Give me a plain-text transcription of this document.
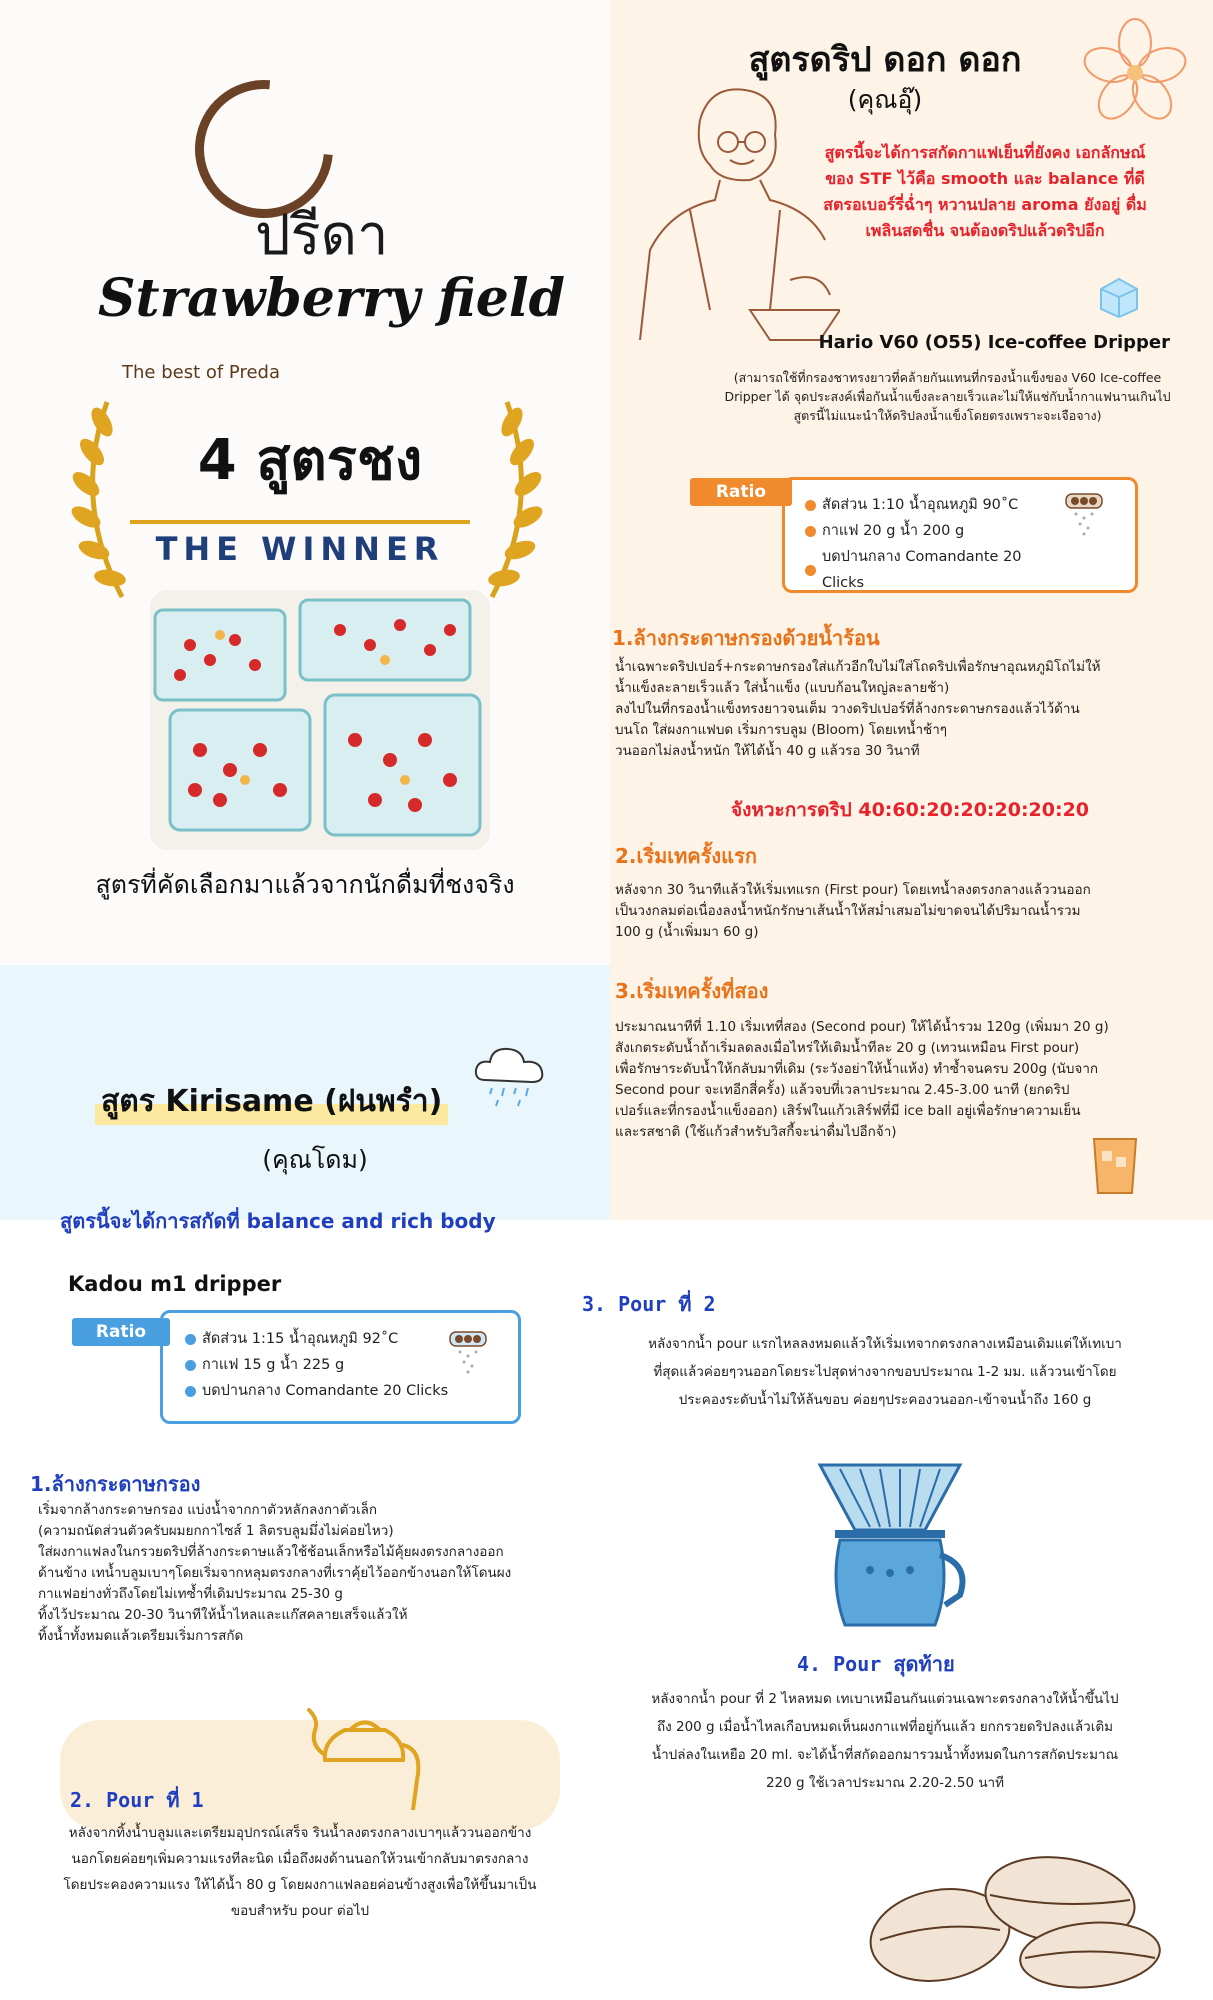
ปรีดา
Strawberry field
The best of Preda
4 สูตรชง
THE WINNER
สูตรที่คัดเลือกมาแล้วจากนักดื่มที่ชงจริง
สูตรดริป ดอก ดอก
(คุณอุ๊)
สูตรนี้จะได้การสกัดกาแฟเย็นที่ยังคง เอกลักษณ์ของ STF ไว้คือ smooth และ balance ที่ดี สตรอเบอร์รี่ฉ่ำๆ หวานปลาย aroma ยังอยู่ ดื่มเพลินสดชื่น จนต้องดริปแล้วดริปอีก
Hario V60 (O55) Ice-coffee Dripper
(สามารถใช้ที่กรองชาทรงยาวที่คล้ายกันแทนที่กรองน้ำแข็งของ V60 Ice-coffee Dripper ได้ จุดประสงค์เพื่อกันน้ำแข็งละลายเร็วและไม่ให้แช่กับน้ำกาแฟนานเกินไป สูตรนี้ไม่แนะนำให้ดริปลงน้ำแข็งโดยตรงเพราะจะเจือจาง)
Ratio
สัดส่วน 1:10 น้ำอุณหภูมิ 90˚C
กาแฟ 20 g น้ำ 200 g
บดปานกลาง Comandante 20 Clicks
1.ล้างกระดาษกรองด้วยน้ำร้อน
น้ำเฉพาะดริปเปอร์+กระดาษกรองใส่แก้วอีกใบไม่ใส่โถดริปเพื่อรักษาอุณหภูมิโถไม่ให้
น้ำแข็งละลายเร็วแล้ว ใส่น้ำแข็ง (แบบก้อนใหญ่ละลายช้า)
ลงไปในที่กรองน้ำแข็งทรงยาวจนเต็ม วางดริปเปอร์ที่ล้างกระดาษกรองแล้วไว้ด้าน
บนโถ ใส่ผงกาแฟบด เริ่มการบลูม (Bloom) โดยเทน้ำช้าๆ
วนออกไม่ลงน้ำหนัก ให้ได้น้ำ 40 g แล้วรอ 30 วินาที
จังหวะการดริป 40:60:20:20:20:20:20
2.เริ่มเทครั้งแรก
หลังจาก 30 วินาทีแล้วให้เริ่มเทแรก (First pour) โดยเทน้ำลงตรงกลางแล้ววนออก
เป็นวงกลมต่อเนื่องลงน้ำหนักรักษาเส้นน้ำให้สม่ำเสมอไม่ขาดจนได้ปริมาณน้ำรวม
100 g (น้ำเพิ่มมา 60 g)
3.เริ่มเทครั้งที่สอง
ประมาณนาทีที่ 1.10 เริ่มเทที่สอง (Second pour) ให้ได้น้ำรวม 120g (เพิ่มมา 20 g)
สังเกตระดับน้ำถ้าเริ่มลดลงเมื่อไหร่ให้เติมน้ำทีละ 20 g (เทวนเหมือน First pour)
เพื่อรักษาระดับน้ำให้กลับมาที่เดิม (ระวังอย่าให้น้ำแห้ง) ทำซ้ำจนครบ 200g (นับจาก
Second pour จะเทอีกสี่ครั้ง) แล้วจบที่เวลาประมาณ 2.45-3.00 นาที (ยกดริป
เปอร์และที่กรองน้ำแข็งออก) เสิร์ฟในแก้วเสิร์ฟที่มี ice ball อยู่เพื่อรักษาความเย็น
และรสชาติ (ใช้แก้วสำหรับวิสกี้จะน่าดื่มไปอีกจ้า)
สูตร Kirisame (ฝนพรำ)
(คุณโดม)
สูตรนี้จะได้การสกัดที่ balance and rich body
Kadou m1 dripper
Ratio	สัดส่วน 1:15 น้ำอุณหภูมิ 92˚C
กาแฟ 15 g น้ำ 225 g
บดปานกลาง Comandante 20 Clicks
1.ล้างกระดาษกรอง
เริ่มจากล้างกระดาษกรอง แบ่งน้ำจากกาตัวหลักลงกาตัวเล็ก
(ความถนัดส่วนตัวครับผมยกกาไซส์ 1 ลิตรบลูมมึ่งไม่ค่อยไหว)
ใส่ผงกาแฟลงในกรวยดริปที่ล้างกระดาษแล้วใช้ช้อนเล็กหรือไม้คุ้ยผงตรงกลางออก
ด้านข้าง เทน้ำบลูมเบาๆโดยเริ่มจากหลุมตรงกลางที่เราคุ้ยไว้ออกข้างนอกให้โดนผง
กาแฟอย่างทั่วถึงโดยไม่เทซ้ำที่เดิมประมาณ 25-30 g
ทิ้งไว้ประมาณ 20-30 วินาทีให้น้ำไหลและแก๊สคลายเสร็จแล้วให้
ทิ้งน้ำทั้งหมดแล้วเตรียมเริ่มการสกัด
2. Pour ที่ 1
หลังจากทิ้งน้ำบลูมและเตรียมอุปกรณ์เสร็จ รินน้ำลงตรงกลางเบาๆแล้ววนออกข้าง
นอกโดยค่อยๆเพิ่มความแรงทีละนิด เมื่อถึงผงด้านนอกให้วนเข้ากลับมาตรงกลาง
โดยประคองความแรง ให้ได้น้ำ 80 g โดยผงกาแฟลอยค่อนข้างสูงเพื่อให้ขึ้นมาเป็น
ขอบสำหรับ pour ต่อไป
3. Pour ที่ 2
หลังจากน้ำ pour แรกไหลลงหมดแล้วให้เริ่มเทจากตรงกลางเหมือนเดิมแต่ให้เทเบา
ที่สุดแล้วค่อยๆวนออกโดยระไปสุดห่างจากขอบประมาณ 1-2 มม. แล้ววนเข้าโดย
ประคองระดับน้ำไม่ให้ล้นขอบ ค่อยๆประคองวนออก-เข้าจนน้ำถึง 160 g
4. Pour สุดท้าย
หลังจากน้ำ pour ที่ 2 ไหลหมด เทเบาเหมือนกันแต่วนเฉพาะตรงกลางให้น้ำขึ้นไป
ถึง 200 g เมื่อน้ำไหลเกือบหมดเห็นผงกาแฟที่อยู่ก้นแล้ว ยกกรวยดริปลงแล้วเติม
น้ำปล่ลงในเหยือ 20 ml. จะได้น้ำที่สกัดออกมารวมน้ำทั้งหมดในการสกัดประมาณ
220 g ใช้เวลาประมาณ 2.20-2.50 นาที
